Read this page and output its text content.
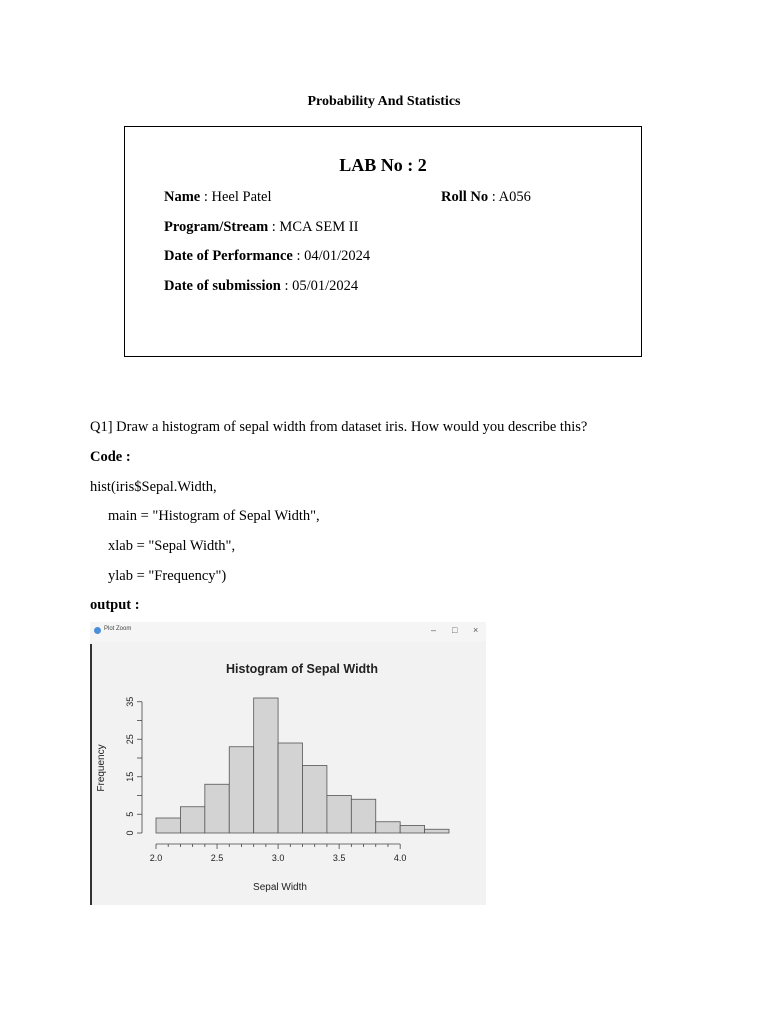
Probability And Statistics
LAB No : 2
Name : Heel Patel	Roll No : A056
Program/Stream : MCA SEM II
Date of Performance : 04/01/2024
Date of submission : 05/01/2024
Q1] Draw a histogram of sepal width from dataset iris. How would you describe this?
Code :
hist(iris$Sepal.Width,
main = "Histogram of Sepal Width",
xlab = "Sepal Width",
ylab = "Frequency")
output :
Plot Zoom	– □ ×
Histogram of Sepal Width
Sepal Width
Frequency
2.0	2.5	3.0	3.5	4.0
0
5
15
25
35
